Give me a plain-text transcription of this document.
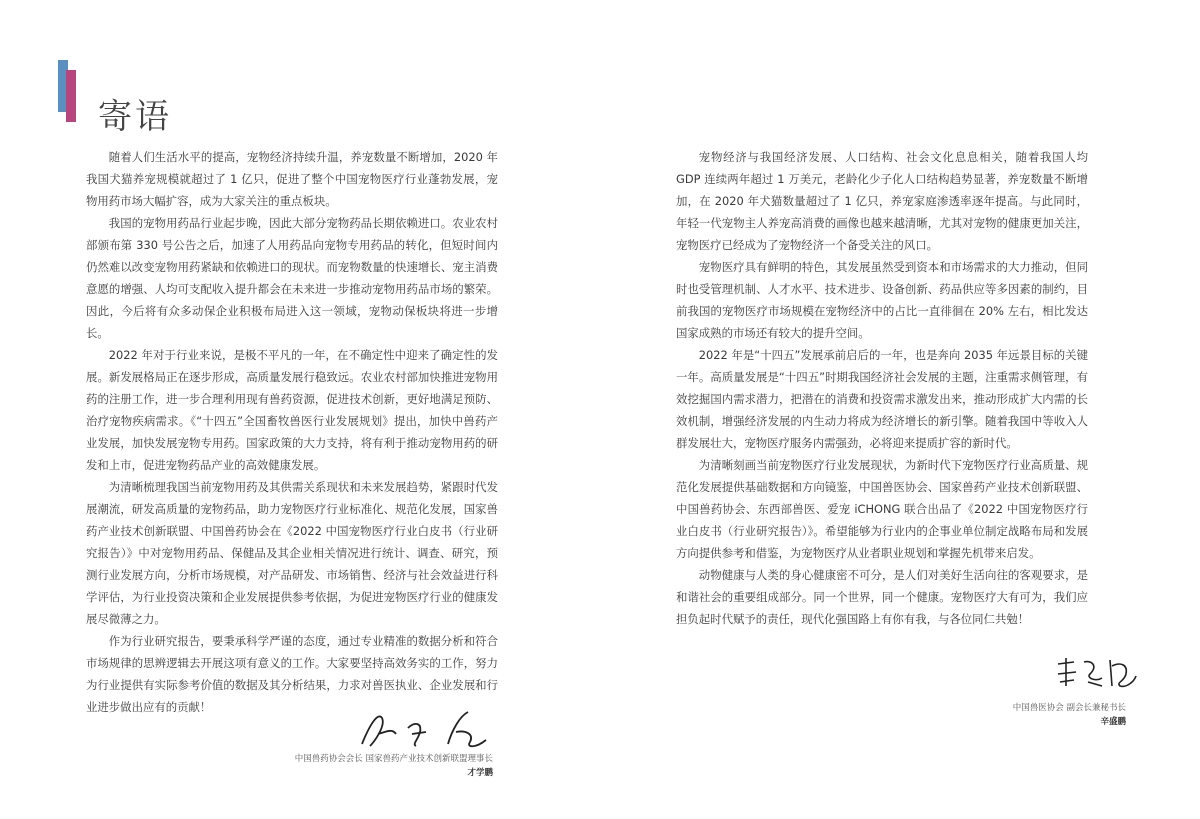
寄语

随着人们生活水平的提高，宠物经济持续升温，养宠数量不断增加，2020 年我国犬猫养宠规模就超过了 1 亿只，促进了整个中国宠物医疗行业蓬勃发展，宠物用药市场大幅扩容，成为大家关注的重点板块。

我国的宠物用药品行业起步晚，因此大部分宠物药品长期依赖进口。农业农村部颁布第 330 号公告之后，加速了人用药品向宠物专用药品的转化，但短时间内仍然难以改变宠物用药紧缺和依赖进口的现状。而宠物数量的快速增长、宠主消费意愿的增强、人均可支配收入提升都会在未来进一步推动宠物用药品市场的繁荣。因此，今后将有众多动保企业积极布局进入这一领域，宠物动保板块将进一步增长。

2022 年对于行业来说，是极不平凡的一年，在不确定性中迎来了确定性的发展。新发展格局正在逐步形成，高质量发展行稳致远。农业农村部加快推进宠物用药的注册工作，进一步合理利用现有兽药资源，促进技术创新，更好地满足预防、治疗宠物疾病需求。《“十四五”全国畜牧兽医行业发展规划》提出，加快中兽药产业发展，加快发展宠物专用药。国家政策的大力支持，将有利于推动宠物用药的研发和上市，促进宠物药品产业的高效健康发展。

为清晰梳理我国当前宠物用药及其供需关系现状和未来发展趋势，紧跟时代发展潮流，研发高质量的宠物药品，助力宠物医疗行业标准化、规范化发展，国家兽药产业技术创新联盟、中国兽药协会在《2022 中国宠物医疗行业白皮书（行业研究报告）》中对宠物用药品、保健品及其企业相关情况进行统计、调查、研究，预测行业发展方向，分析市场规模，对产品研发、市场销售、经济与社会效益进行科学评估，为行业投资决策和企业发展提供参考依据，为促进宠物医疗行业的健康发展尽微薄之力。

作为行业研究报告，要秉承科学严谨的态度，通过专业精准的数据分析和符合市场规律的思辨逻辑去开展这项有意义的工作。大家要坚持高效务实的工作，努力为行业提供有实际参考价值的数据及其分析结果，力求对兽医执业、企业发展和行业进步做出应有的贡献！

宠物经济与我国经济发展、人口结构、社会文化息息相关，随着我国人均 GDP 连续两年超过 1 万美元，老龄化少子化人口结构趋势显著，养宠数量不断增加，在 2020 年犬猫数量超过了 1 亿只，养宠家庭渗透率逐年提高。与此同时，年轻一代宠物主人养宠高消费的画像也越来越清晰，尤其对宠物的健康更加关注，宠物医疗已经成为了宠物经济一个备受关注的风口。

宠物医疗具有鲜明的特色，其发展虽然受到资本和市场需求的大力推动，但同时也受管理机制、人才水平、技术进步、设备创新、药品供应等多因素的制约，目前我国的宠物医疗市场规模在宠物经济中的占比一直徘徊在 20% 左右，相比发达国家成熟的市场还有较大的提升空间。

2022 年是“十四五”发展承前启后的一年，也是奔向 2035 年远景目标的关键一年。高质量发展是“十四五”时期我国经济社会发展的主题，注重需求侧管理，有效挖掘国内需求潜力，把潜在的消费和投资需求激发出来，推动形成扩大内需的长效机制，增强经济发展的内生动力将成为经济增长的新引擎。随着我国中等收入人群发展壮大，宠物医疗服务内需强劲，必将迎来提质扩容的新时代。

为清晰刻画当前宠物医疗行业发展现状，为新时代下宠物医疗行业高质量、规范化发展提供基础数据和方向镜鉴，中国兽医协会、国家兽药产业技术创新联盟、中国兽药协会、东西部兽医、爱宠 iCHONG 联合出品了《2022 中国宠物医疗行业白皮书（行业研究报告）》。希望能够为行业内的企事业单位制定战略布局和发展方向提供参考和借鉴，为宠物医疗从业者职业规划和掌握先机带来启发。

动物健康与人类的身心健康密不可分，是人们对美好生活向往的客观要求，是和谐社会的重要组成部分。同一个世界，同一个健康。宠物医疗大有可为，我们应担负起时代赋予的责任，现代化强国路上有你有我，与各位同仁共勉！

中国兽药协会会长 国家兽药产业技术创新联盟理事长
才学鹏
中国兽医协会 副会长兼秘书长
辛盛鹏
